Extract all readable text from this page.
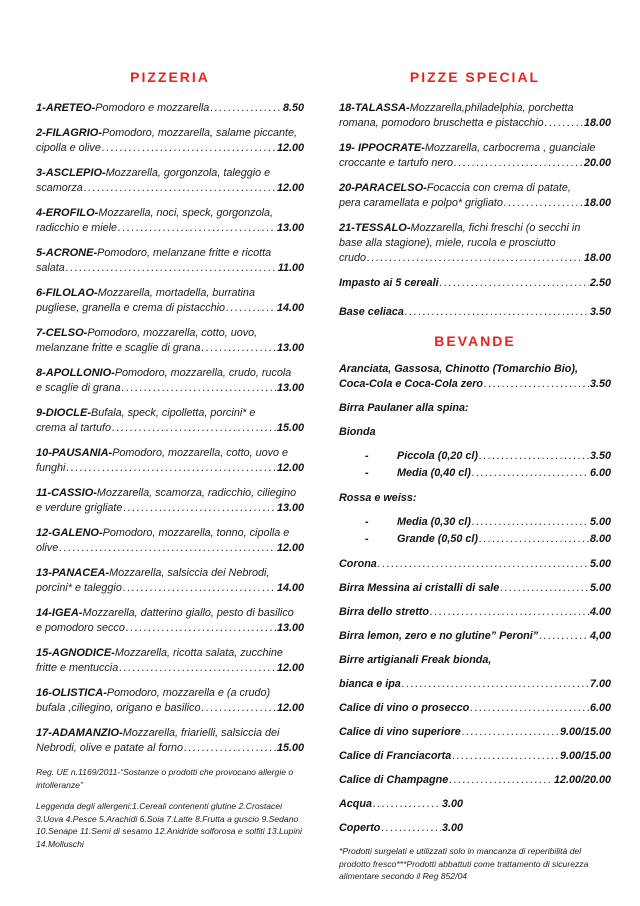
PIZZERIA
1-ARETEO- Pomodoro e mozzarella .....	8.50
2-FILAGRIO-Pomodoro, mozzarella, salame piccante,
cipolla e olive .....	12.00
3-ASCLEPIO-Mozzarella, gorgonzola, taleggio e
scamorza .....	12.00
4-EROFILO-Mozzarella, noci, speck, gorgonzola,
radicchio e miele .....	13.00
5-ACRONE-Pomodoro, melanzane fritte e ricotta
salata .....	11.00
6-FILOLAO-Mozzarella, mortadella, burratina
pugliese, granella e crema di pistacchio .....	14.00
7-CELSO-Pomodoro, mozzarella, cotto, uovo,
melanzane fritte e scaglie di grana .....	13.00
8-APOLLONIO-Pomodoro, mozzarella, crudo, rucola
e scaglie di grana .....	13.00
9-DIOCLE-Bufala, speck, cipolletta, porcini* e
crema al tartufo .....	15.00
10-PAUSANIA-Pomodoro, mozzarella, cotto, uovo e
funghi .....	12.00
11-CASSIO-Mozzarella, scamorza, radicchio, ciliegino
e verdure grigliate .....	13.00
12-GALENO-Pomodoro, mozzarella, tonno, cipolla e
olive .....	12.00
13-PANACEA-Mozzarella, salsiccia dei Nebrodi,
porcini* e taleggio .....	14.00
14-IGEA-Mozzarella, datterino giallo, pesto di basilico
e pomodoro secco .....	13.00
15-AGNODICE-Mozzarella, ricotta salata, zucchine
fritte e mentuccia .....	12.00
16-OLISTICA-Pomodoro, mozzarella e (a crudo)
bufala ,ciliegino, origano e basilico .....	12.00
17-ADAMANZIO-Mozzarella, friarielli, salsiccia dei
Nebrodi, olive e patate al forno .....	15.00

Reg. UE n.1169/2011-“Sostanze o prodotti che provocano allergie o intolleranze”

Leggenda degli allergeni:1.Cereali contenenti glutine 2.Crostacei 3.Uova 4.Pesce 5.Arachidi 6.Soia 7.Latte 8.Frutta a guscio 9.Sedano 10.Senape 11.Semi di sesamo 12.Anidride solforosa e solfiti 13.Lupini 14.Molluschi

PIZZE SPECIAL
18-TALASSA-Mozzarella,philadelphia, porchetta
romana, pomodoro bruschetta e pistacchio .....	18.00
19- IPPOCRATE-Mozzarella, carbocrema , guanciale
croccante e tartufo nero .....	20.00
20-PARACELSO-Focaccia con crema di patate,
pera caramellata e polpo* grigliato .....	18.00
21-TESSALO-Mozzarella, fichi freschi (o secchi in
base alla stagione), miele, rucola e prosciutto
crudo .....	18.00
Impasto ai 5 cereali .....	2.50
Base celiaca .....	3.50
BEVANDE
Aranciata, Gassosa, Chinotto (Tomarchio Bio),
Coca-Cola e Coca-Cola zero .....	3.50
Birra Paulaner alla spina:
Bionda
-	Piccola (0,20 cl) .....	3.50
-	Media (0,40 cl) .....	6.00
Rossa e weiss:
-	Media (0,30 cl) .....	5.00
-	Grande (0,50 cl) .....	8.00
Corona .....	5.00
Birra Messina ai cristalli di sale .....	5.00
Birra dello stretto .....	4.00
Birra lemon, zero e no glutine” Peroni” .....	4,00
Birre artigianali Freak bionda,
bianca e ipa .....	7.00
Calice di vino o prosecco .....	6.00
Calice di vino superiore .....	9.00/15.00
Calice di Franciacorta .....	9.00/15.00
Calice di Champagne .....	12.00/20.00
Acqua .....	3.00
Coperto .....	3.00

*Prodotti surgelati e utilizzati solo in mancanza di reperibilità del prodotto fresco***Prodotti abbattuti come trattamento di sicurezza alimentare secondo il Reg 852/04
